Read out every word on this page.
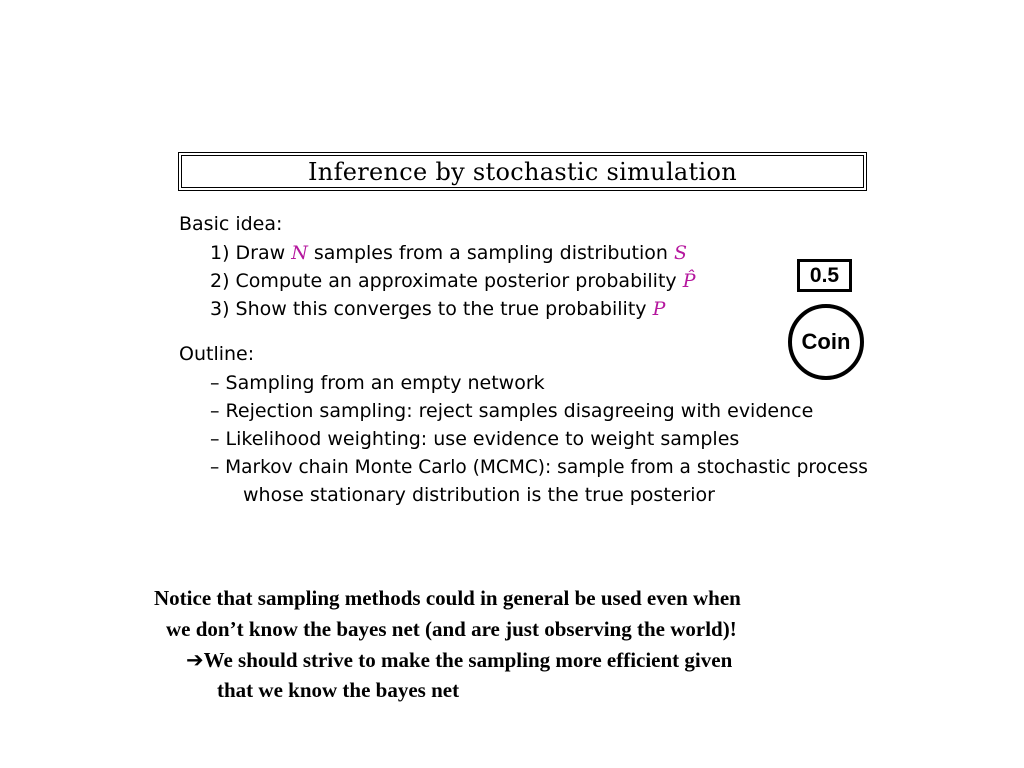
Inference by stochastic simulation
Basic idea:
1) Draw N samples from a sampling distribution S
2) Compute an approximate posterior probability P̂
3) Show this converges to the true probability P
Outline:
– Sampling from an empty network
– Rejection sampling: reject samples disagreeing with evidence
– Likelihood weighting: use evidence to weight samples
– Markov chain Monte Carlo (MCMC): sample from a stochastic process
whose stationary distribution is the true posterior
0.5
Coin
Notice that sampling methods could in general be used even when
we don’t know the bayes net (and are just observing the world)!
➔We should strive to make the sampling more efficient given
that we know the bayes net
